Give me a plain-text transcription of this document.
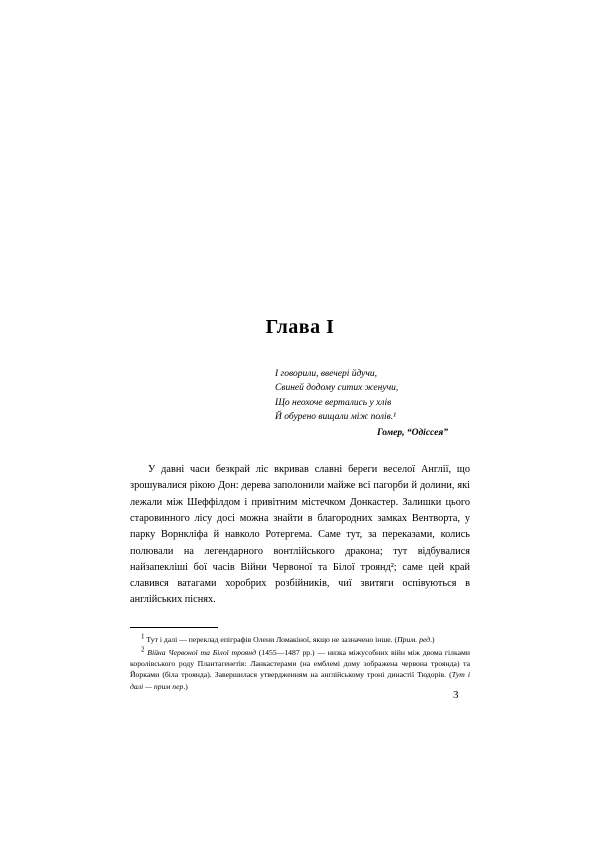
Глава I
І говорили, ввечері йдучи,
Свиней додому ситих женучи,
Що неохоче вертались у хлів
Й обурено вищали між полів.¹
Гомер, “Одіссея”

У давні часи безкрай ліс вкривав славні береги веселої Англії, що зрошувалися рікою Дон: дерева заполонили майже всі пагорби й долини, які лежали між Шеффілдом і привітним містечком Донкастер. Залишки цього старовинного лісу досі можна знайти в благородних замках Вентворта, у парку Ворнкліфа й навколо Ротергема. Саме тут, за переказами, колись полювали на легендарного вонтлійського дракона; тут відбувалися найзапекліші бої часів Війни Червоної та Білої троянд²; саме цей край славився ватагами хоробрих розбійників, чиї звитяги оспівуються в англійських піснях.

$^1$ Тут і далі — переклад епіграфів Олени Ломакіної, якщо не зазначено інше. (Прим. ред.)

$^2$ Війна Червоної та Білої троянд (1455—1487 рр.) — низка міжусобних війн між двома гілками королівського роду Плантагенетів: Ланкастерами (на емблемі дому зображена червона троянда) та Йорками (біла троянда). Завершилася утвердженням на англійському троні династії Тюдорів. (Тут і далі — прим пер.)

3
